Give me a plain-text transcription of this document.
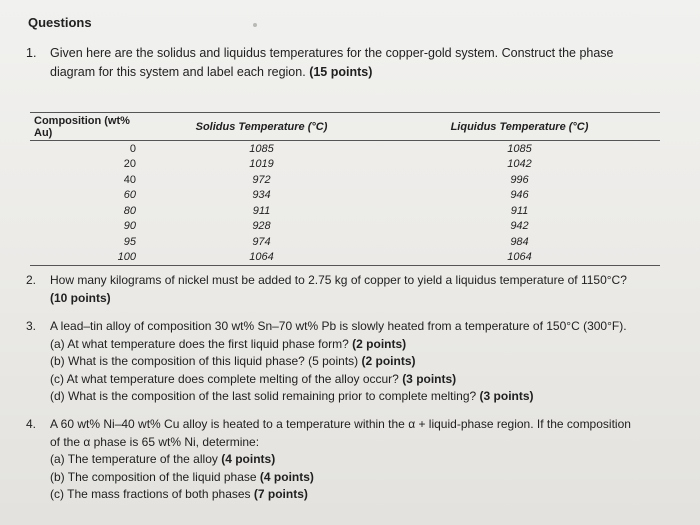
Questions
1. Given here are the solidus and liquidus temperatures for the copper-gold system. Construct the phase
diagram for this system and label each region. (15 points)
Composition (wt% Au)	Solidus Temperature (°C)	Liquidus Temperature (°C)
0	1085	1085
20	1019	1042
40	972	996
60	934	946
80	911	911
90	928	942
95	974	984
100	1064	1064
2. How many kilograms of nickel must be added to 2.75 kg of copper to yield a liquidus temperature of 1150°C?
(10 points)
3. A lead–tin alloy of composition 30 wt% Sn–70 wt% Pb is slowly heated from a temperature of 150°C (300°F).
(a) At what temperature does the first liquid phase form? (2 points)
(b) What is the composition of this liquid phase? (5 points) (2 points)
(c) At what temperature does complete melting of the alloy occur? (3 points)
(d) What is the composition of the last solid remaining prior to complete melting? (3 points)
4. A 60 wt% Ni–40 wt% Cu alloy is heated to a temperature within the α + liquid-phase region. If the composition
of the α phase is 65 wt% Ni, determine:
(a) The temperature of the alloy (4 points)
(b) The composition of the liquid phase (4 points)
(c) The mass fractions of both phases (7 points)
